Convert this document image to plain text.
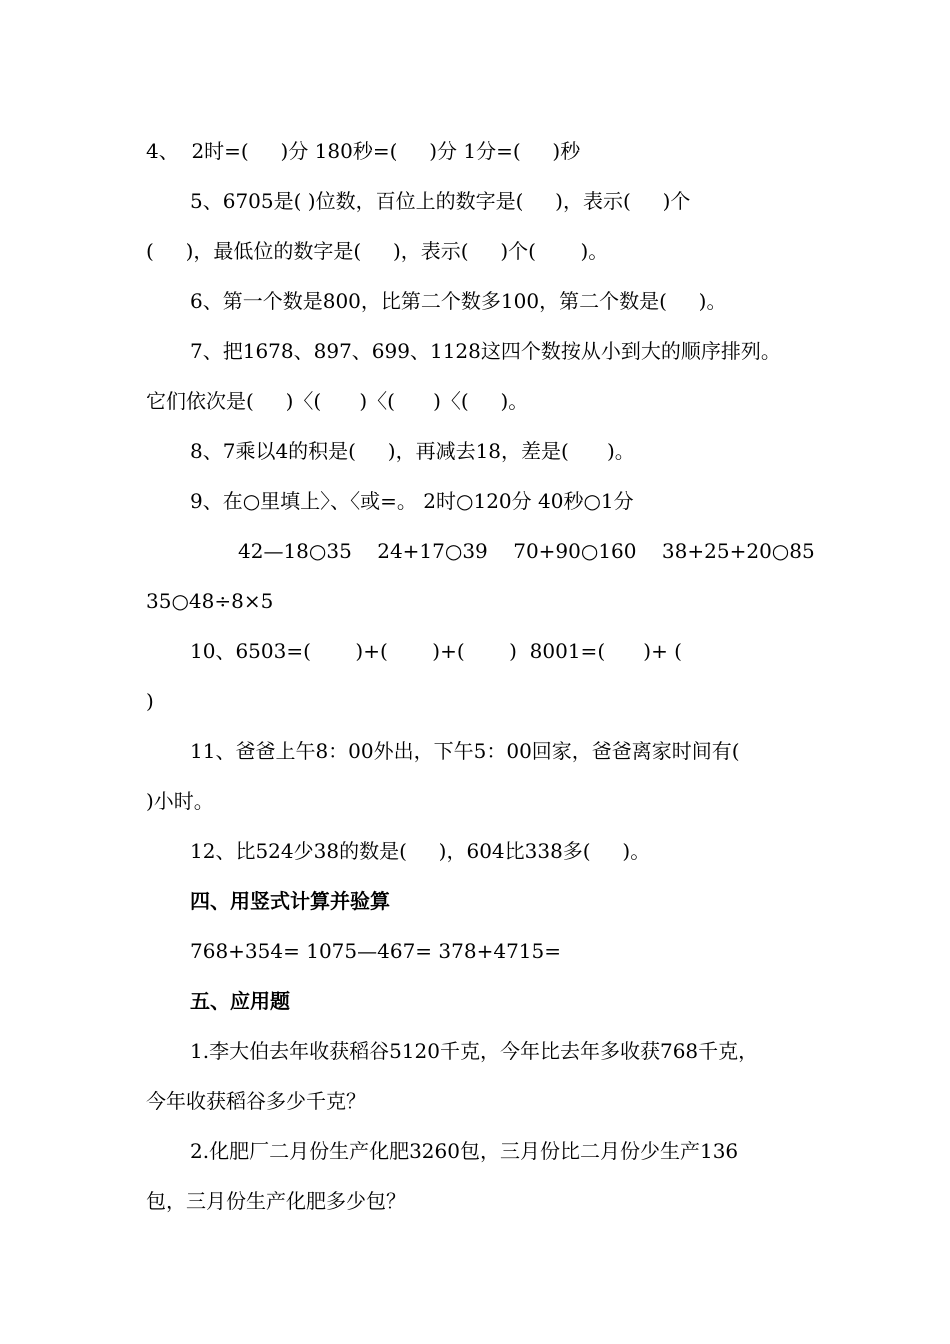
4、  2时=(     )分 180秒=(     )分 1分=(     )秒
5、6705是( )位数，百位上的数字是(     )，表示(     )个
(     )，最低位的数字是(     )，表示(     )个(       )。
6、第一个数是800，比第二个数多100，第二个数是(     )。
7、把1678、897、699、1128这四个数按从小到大的顺序排列。
它们依次是(     )〈(      )〈(      )〈(     )。
8、7乘以4的积是(     )，再减去18，差是(      )。
9、在○里填上〉、〈或=。 2时○120分 40秒○1分
42—18○35    24+17○39    70+90○160    38+25+20○85
35○48÷8×5
10、6503=(       )+(       )+(       )  8001=(      )+ (
)
11、爸爸上午8：00外出，下午5：00回家，爸爸离家时间有(
)小时。
12、比524少38的数是(     )，604比338多(     )。
四、用竖式计算并验算
768+354= 1075—467= 378+4715=
五、应用题
1.李大伯去年收获稻谷5120千克，今年比去年多收获768千克，
今年收获稻谷多少千克？
2.化肥厂二月份生产化肥3260包，三月份比二月份少生产136
包，三月份生产化肥多少包？
